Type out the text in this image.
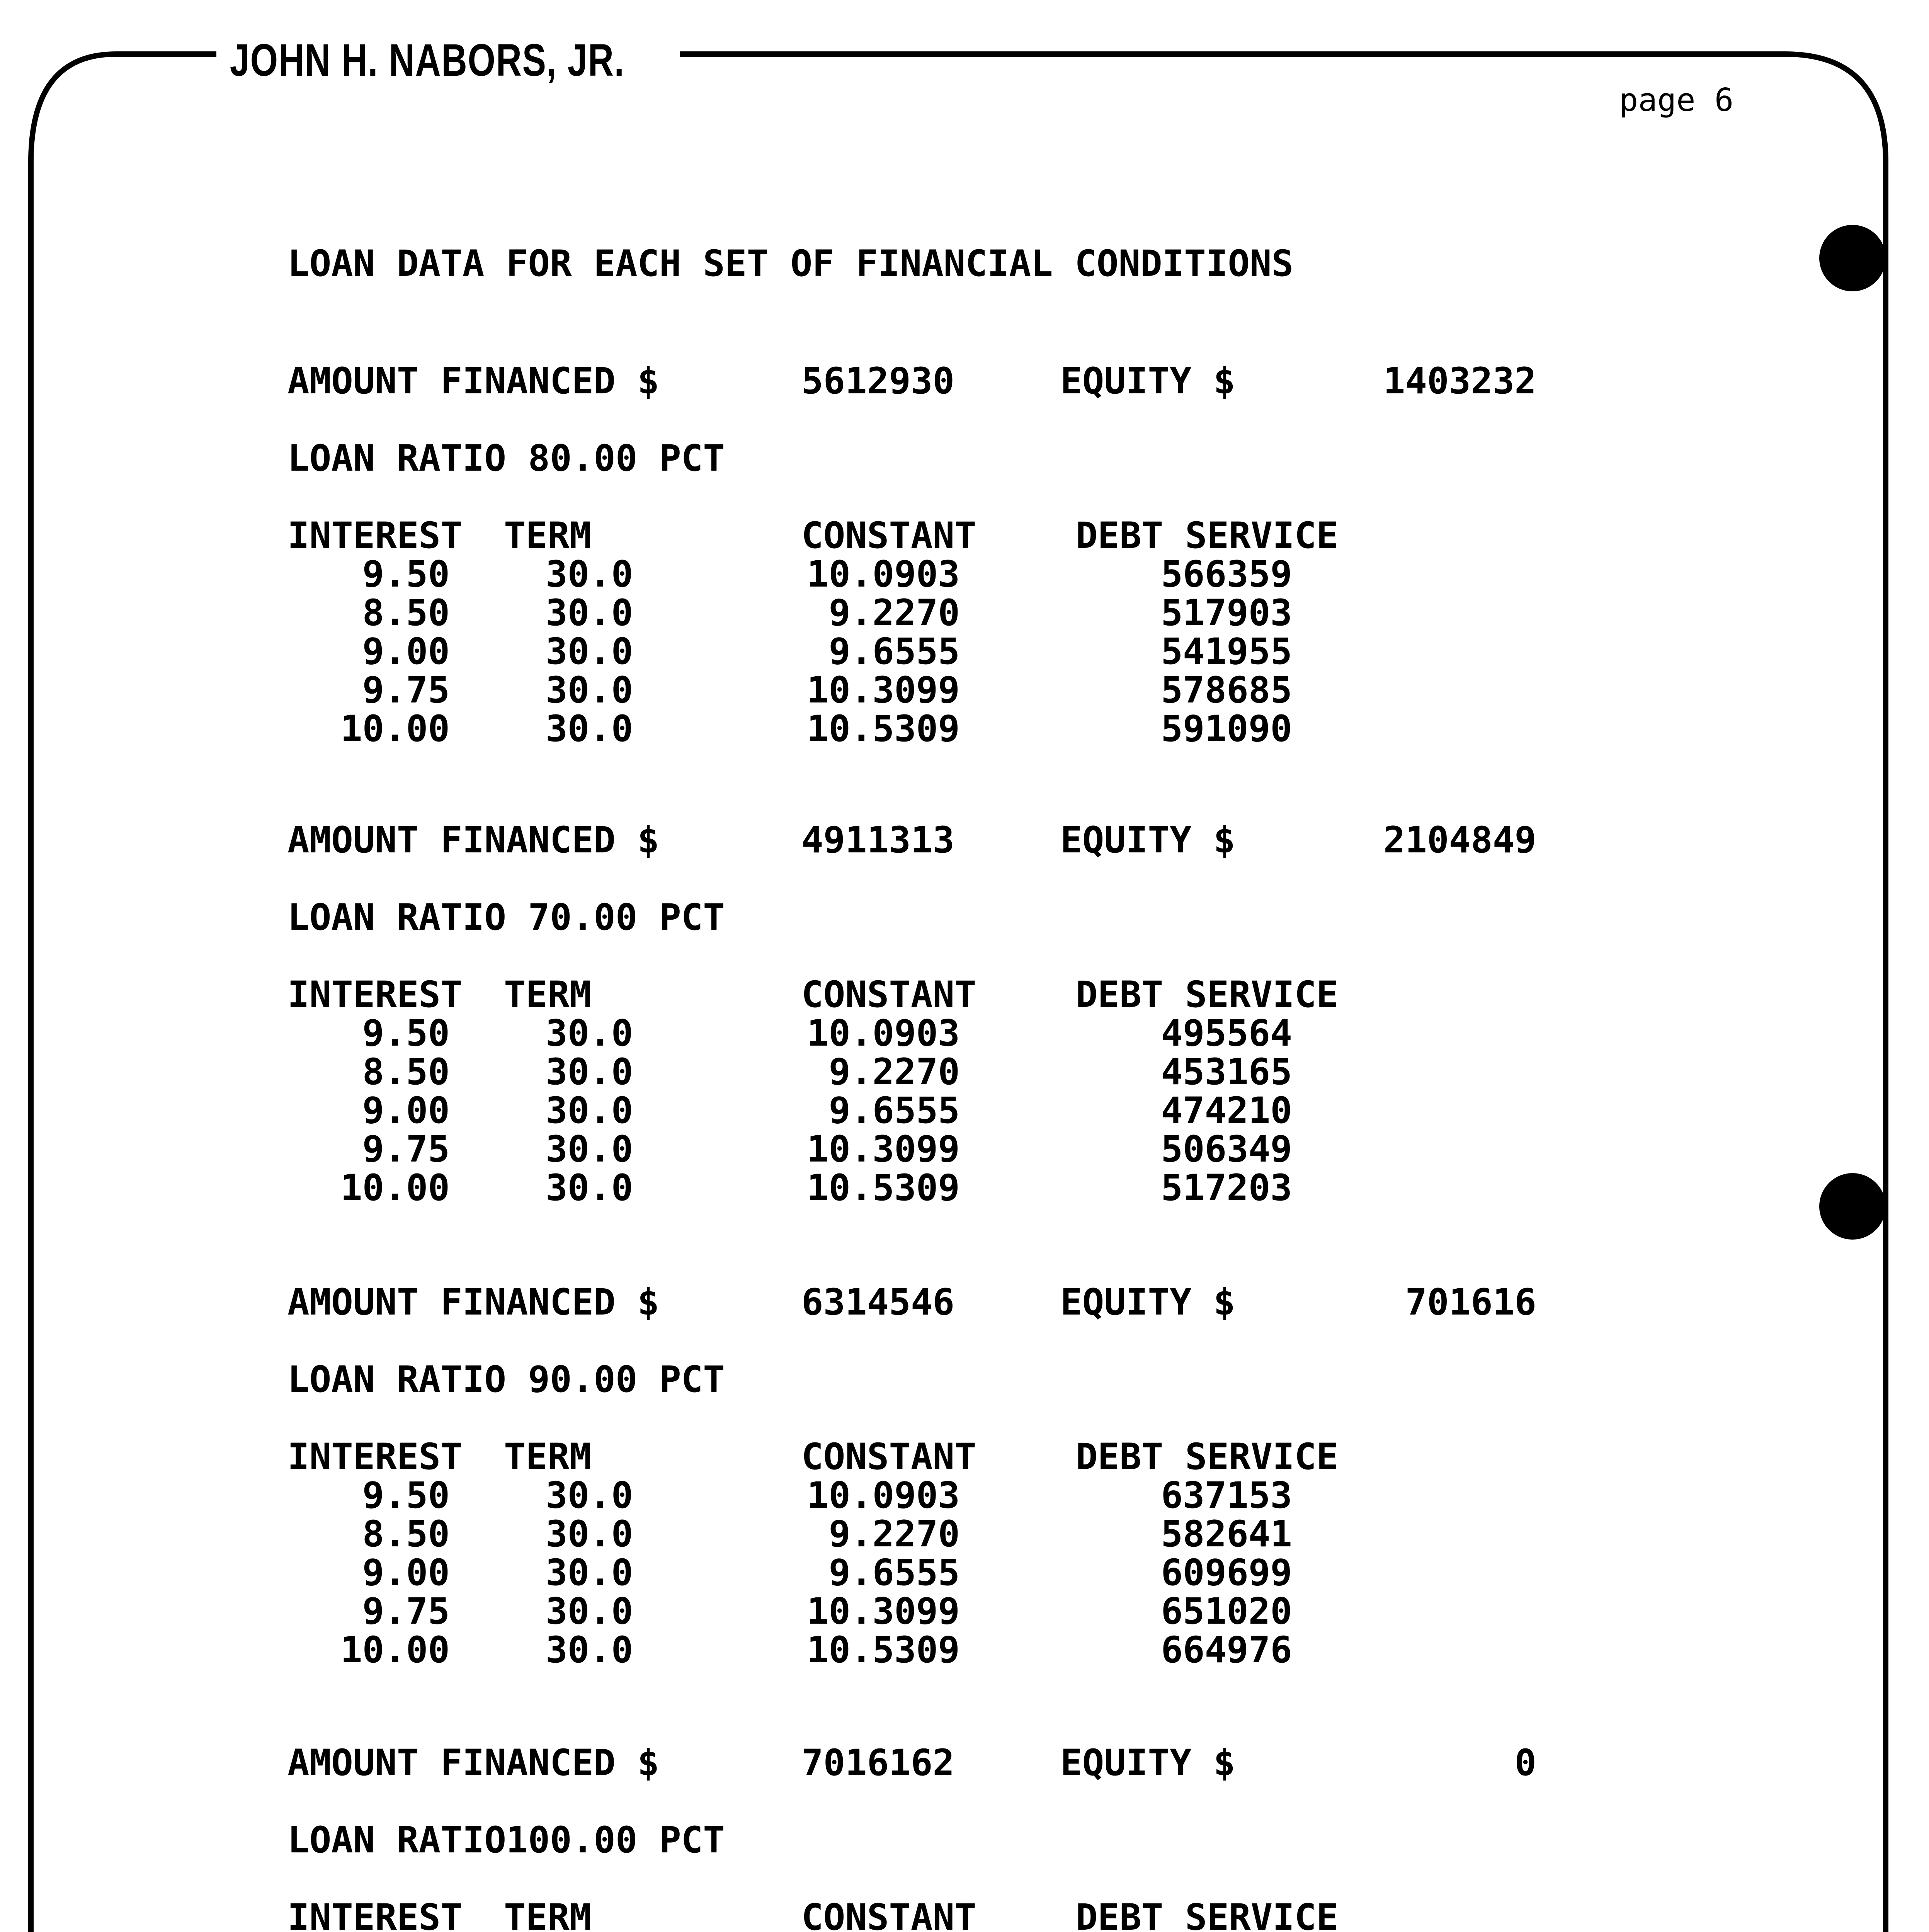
JOHN H. NABORS, JR.
page 6
LOAN DATA FOR EACH SET OF FINANCIAL CONDITIONS
AMOUNT FINANCED $	5612930	EQUITY $	1403232
LOAN RATIO 80.00 PCT
INTEREST TERM	CONSTANT	DEBT SERVICE
9.50	30.0	10.0903	566359
8.50	30.0	9.2270	517903
9.00	30.0	9.6555	541955
9.75	30.0	10.3099	578685
10.00	30.0	10.5309	591090
AMOUNT FINANCED $	4911313	EQUITY $	2104849
LOAN RATIO 70.00 PCT
INTEREST TERM	CONSTANT	DEBT SERVICE
9.50	30.0	10.0903	495564
8.50	30.0	9.2270	453165
9.00	30.0	9.6555	474210
9.75	30.0	10.3099	506349
10.00	30.0	10.5309	517203
AMOUNT FINANCED $	6314546	EQUITY $	701616
LOAN RATIO 90.00 PCT
INTEREST TERM	CONSTANT	DEBT SERVICE
9.50	30.0	10.0903	637153
8.50	30.0	9.2270	582641
9.00	30.0	9.6555	609699
9.75	30.0	10.3099	651020
10.00	30.0	10.5309	664976
AMOUNT FINANCED $	7016162	EQUITY $	0
LOAN RATIO100.00 PCT
INTEREST TERM	CONSTANT	DEBT SERVICE
